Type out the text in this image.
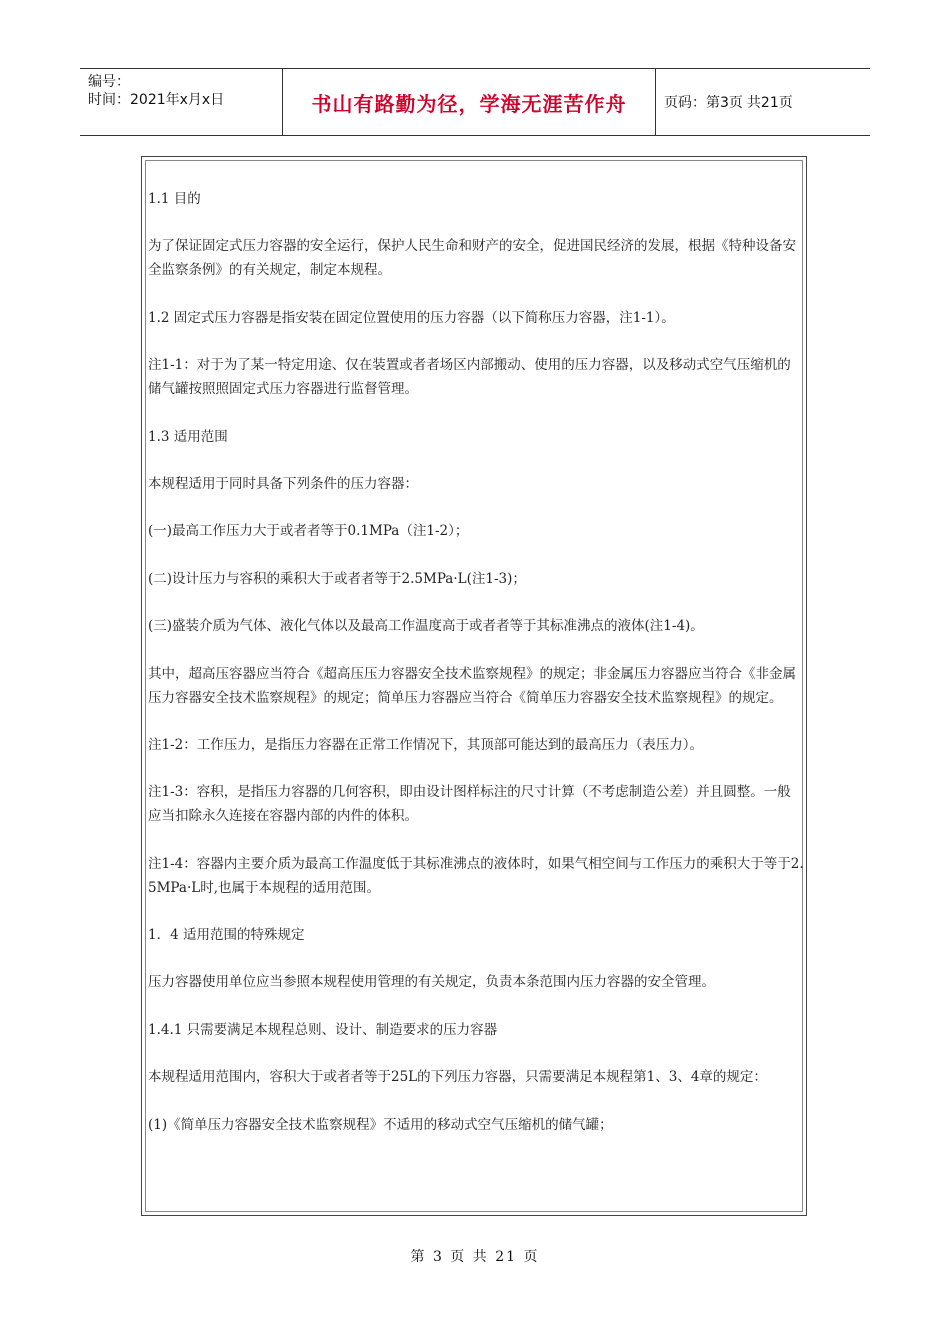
编号：
时间：2021年x月x日	书山有路勤为径，学海无涯苦作舟	页码：第3页 共21页

1.1 目的

为了保证固定式压力容器的安全运行，保护人民生命和财产的安全，促进国民经济的发展，根据《特种设备安全监察条例》的有关规定，制定本规程。

1.2 固定式压力容器是指安装在固定位置使用的压力容器（以下简称压力容器，注1-1）。

注1-1：对于为了某一特定用途、仅在装置或者者场区内部搬动、使用的压力容器，以及移动式空气压缩机的储气罐按照照固定式压力容器进行监督管理。

1.3 适用范围

本规程适用于同时具备下列条件的压力容器：

(一)最高工作压力大于或者者等于0.1MPa（注1-2）；

(二)设计压力与容积的乘积大于或者者等于2.5MPa·L(注1-3)；

(三)盛装介质为气体、液化气体以及最高工作温度高于或者者等于其标准沸点的液体(注1-4)。

其中，超高压容器应当符合《超高压压力容器安全技术监察规程》的规定；非金属压力容器应当符合《非金属压力容器安全技术监察规程》的规定；简单压力容器应当符合《简单压力容器安全技术监察规程》的规定。

注1-2：工作压力，是指压力容器在正常工作情况下，其顶部可能达到的最高压力（表压力）。

注1-3：容积，是指压力容器的几何容积，即由设计图样标注的尺寸计算（不考虑制造公差）并且圆整。一般应当扣除永久连接在容器内部的内件的体积。

注1-4：容器内主要介质为最高工作温度低于其标准沸点的液体时，如果气相空间与工作压力的乘积大于等于2.5MPa·L时,也属于本规程的适用范围。

1．4 适用范围的特殊规定

压力容器使用单位应当参照本规程使用管理的有关规定，负责本条范围内压力容器的安全管理。

1.4.1 只需要满足本规程总则、设计、制造要求的压力容器

本规程适用范围内，容积大于或者者等于25L的下列压力容器，只需要满足本规程第1、3、4章的规定：

(1)《简单压力容器安全技术监察规程》不适用的移动式空气压缩机的储气罐；

第 3 页 共 21 页
